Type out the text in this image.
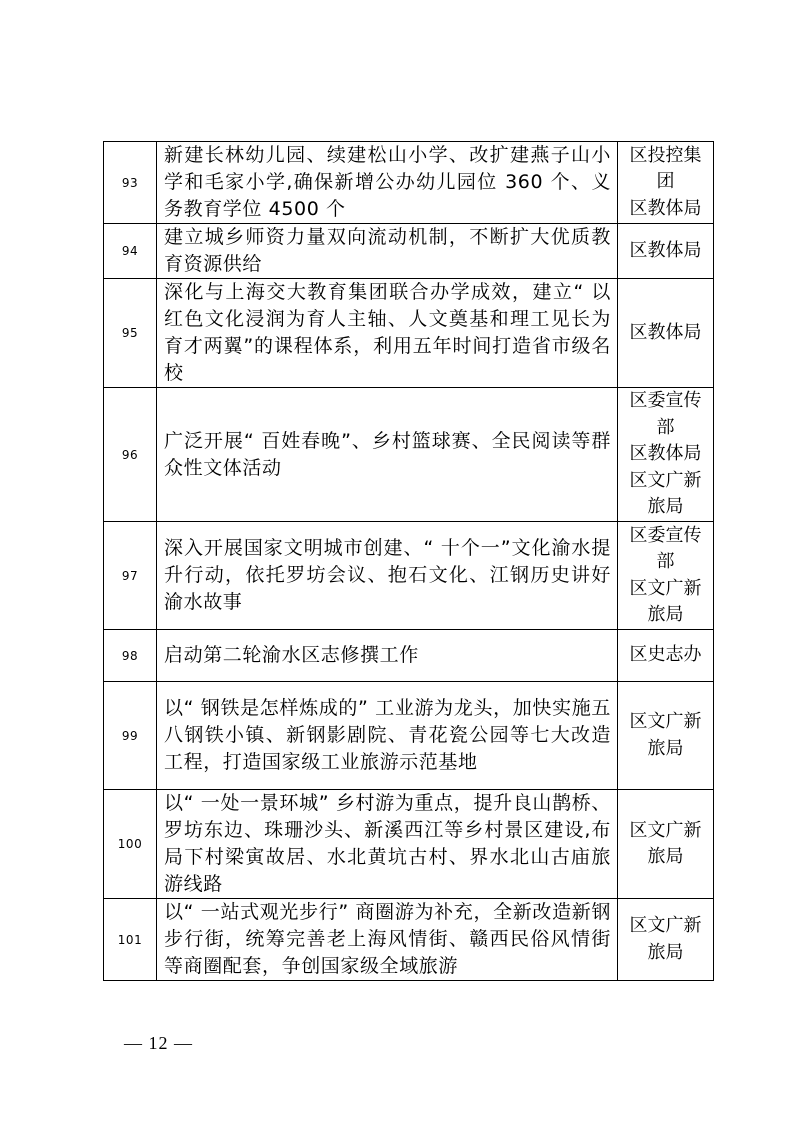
93	新建长林幼儿园、续建松山小学、改扩建燕子山小学和毛家小学,确保新增公办幼儿园位 360 个、义务教育学位 4500 个	区投控集
团
区教体局

94	建立城乡师资力量双向流动机制，不断扩大优质教育资源供给	区教体局

95	深化与上海交大教育集团联合办学成效，建立“ 以红色文化浸润为育人主轴、人文奠基和理工见长为育才两翼”的课程体系，利用五年时间打造省市级名校	区教体局

96	广泛开展“ 百姓春晚”、乡村篮球赛、全民阅读等群众性文体活动	区委宣传
部
区教体局
区文广新
旅局

97	深入开展国家文明城市创建、“ 十个一”文化渝水提升行动，依托罗坊会议、抱石文化、江钢历史讲好渝水故事	区委宣传
部
区文广新
旅局

98	启动第二轮渝水区志修撰工作	区史志办

99	以“ 钢铁是怎样炼成的” 工业游为龙头，加快实施五八钢铁小镇、新钢影剧院、青花瓷公园等七大改造工程，打造国家级工业旅游示范基地	区文广新
旅局

100	以“ 一处一景环城” 乡村游为重点，提升良山鹊桥、罗坊东边、珠珊沙头、新溪西江等乡村景区建设,布局下村梁寅故居、水北黄坑古村、界水北山古庙旅游线路	区文广新
旅局

101	以“ 一站式观光步行” 商圈游为补充，全新改造新钢步行街，统筹完善老上海风情街、赣西民俗风情街等商圈配套，争创国家级全域旅游	区文广新
旅局
— 12 —
